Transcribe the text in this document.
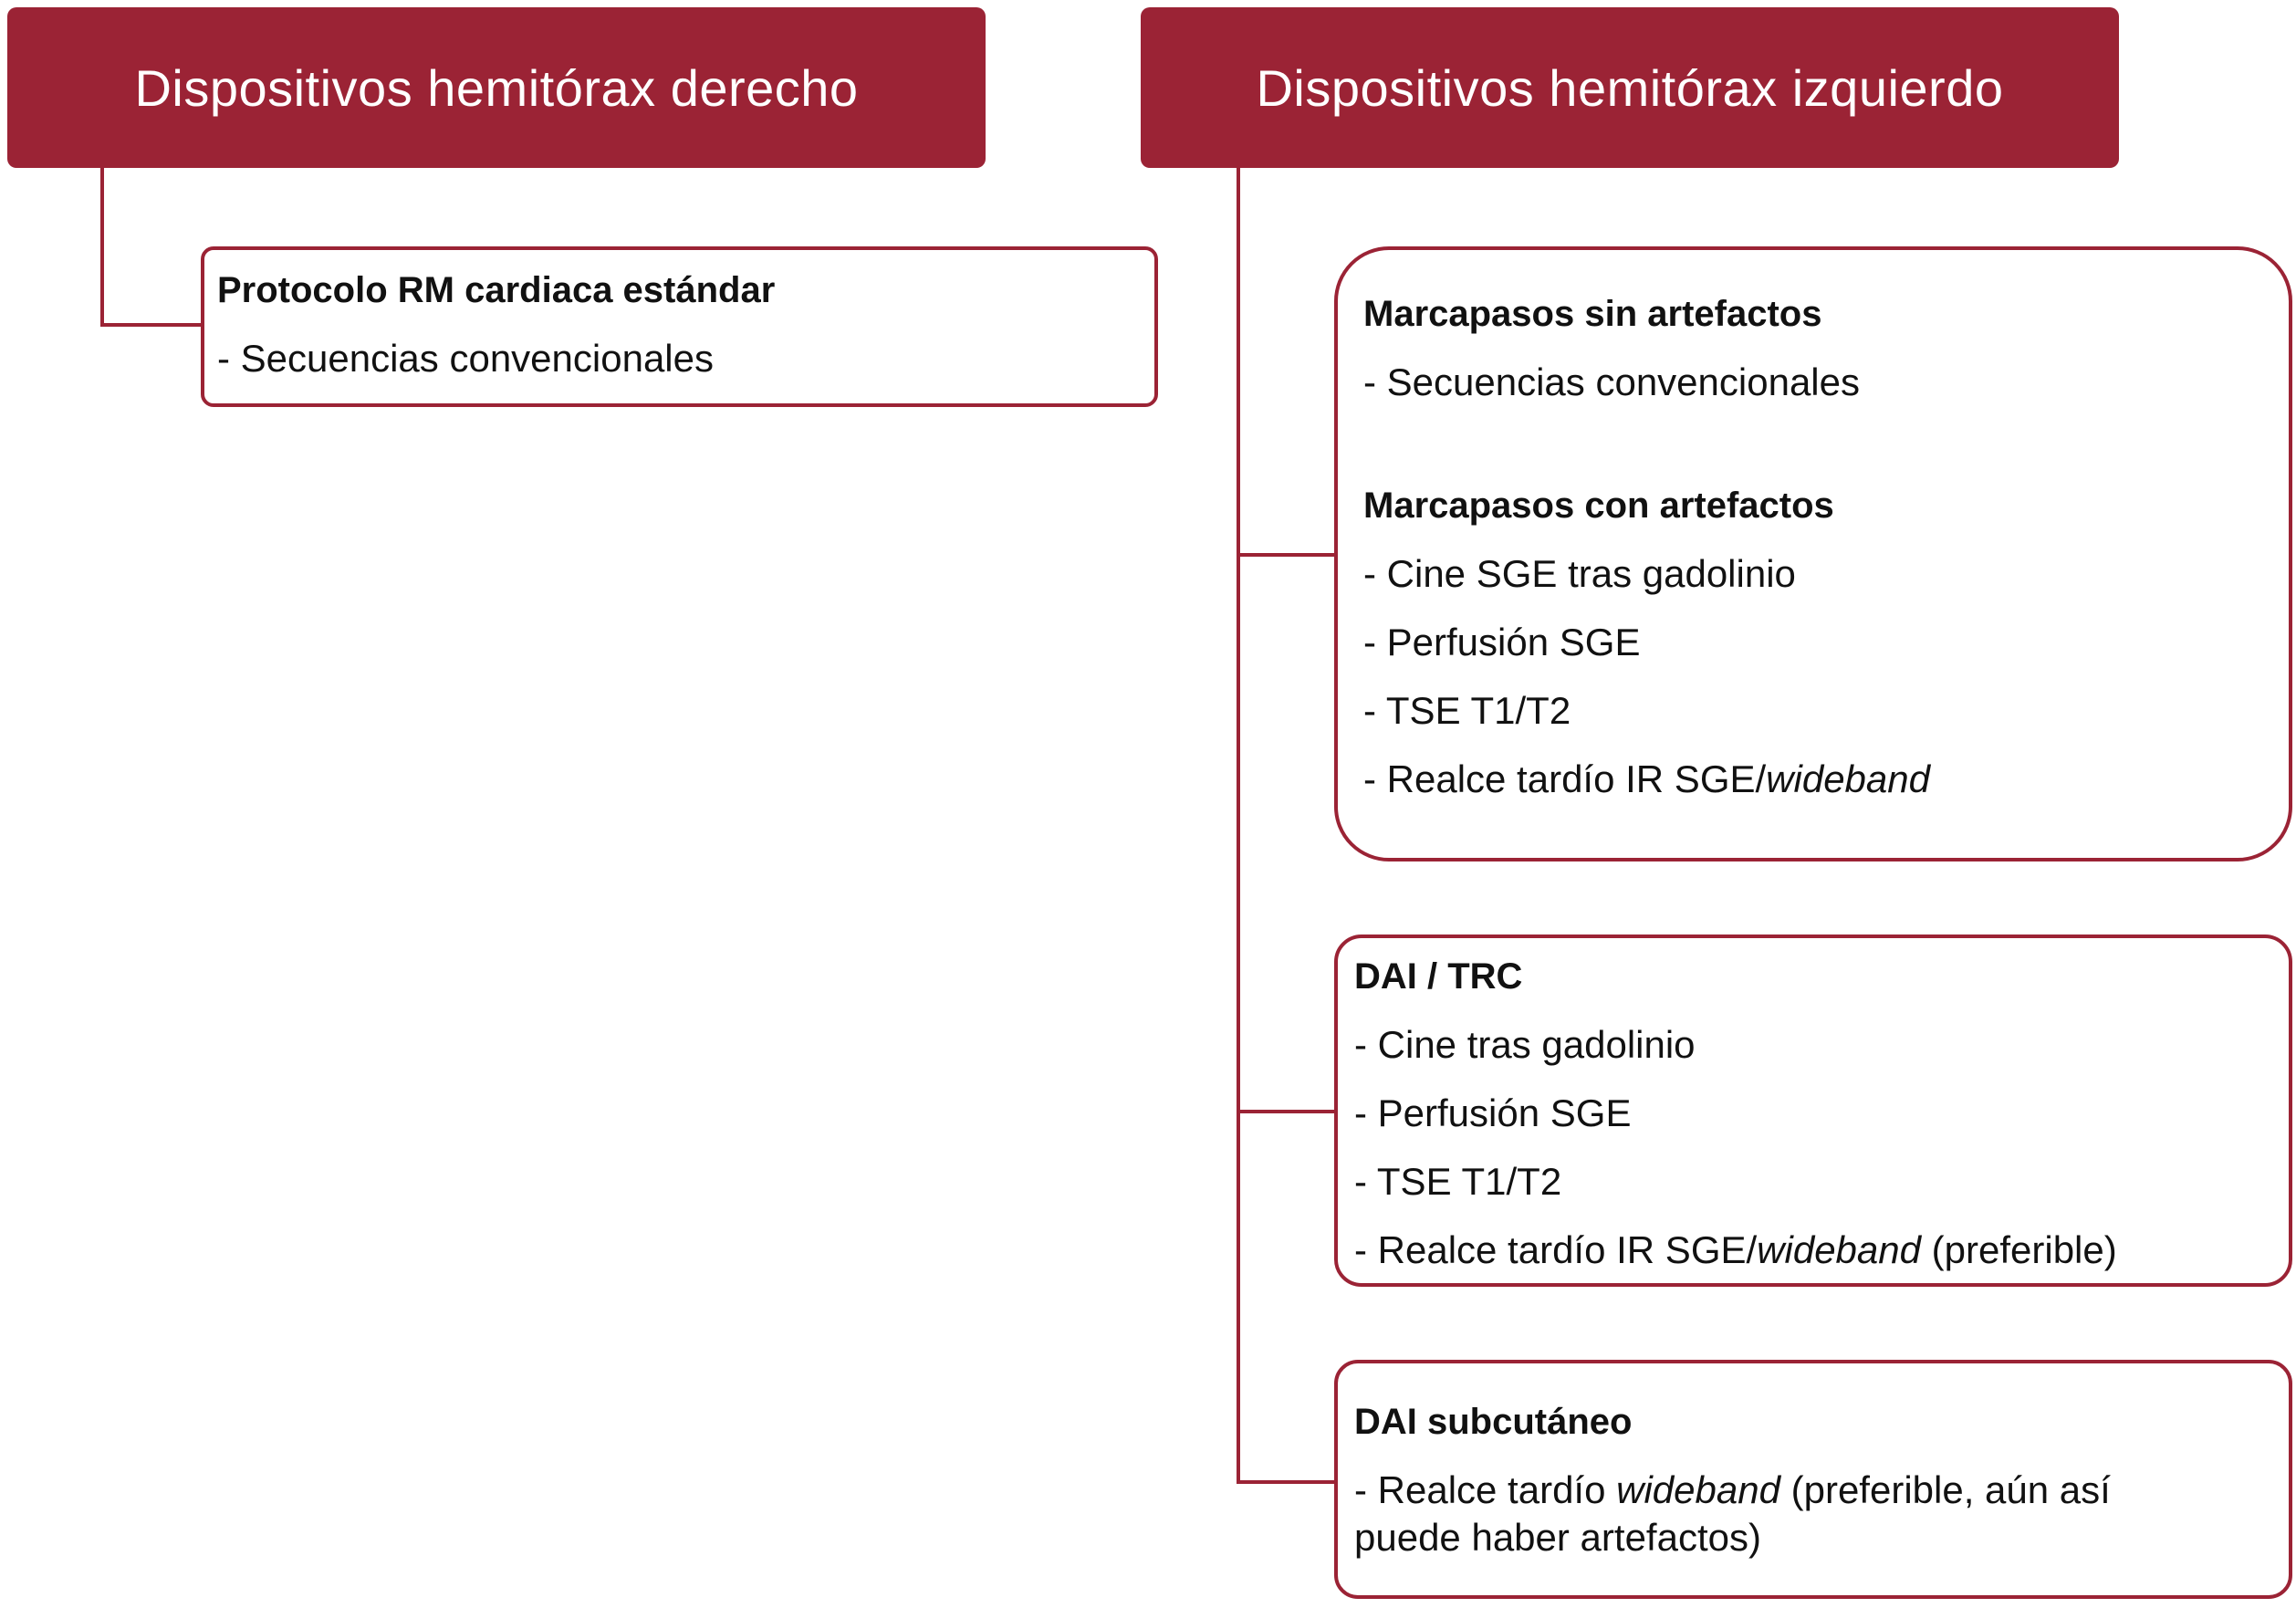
Dispositivos hemitórax derecho	Dispositivos hemitórax izquierdo
Protocolo RM cardiaca estándar
- Secuencias convencionales
Marcapasos sin artefactos
- Secuencias convencionales
Marcapasos con artefactos
- Cine SGE tras gadolinio
- Perfusión SGE
- TSE T1/T2
- Realce tardío IR SGE/wideband
DAI / TRC
- Cine tras gadolinio
- Perfusión SGE
- TSE T1/T2
- Realce tardío IR SGE/wideband (preferible)
DAI subcutáneo
- Realce tardío wideband (preferible, aún así
puede haber artefactos)
